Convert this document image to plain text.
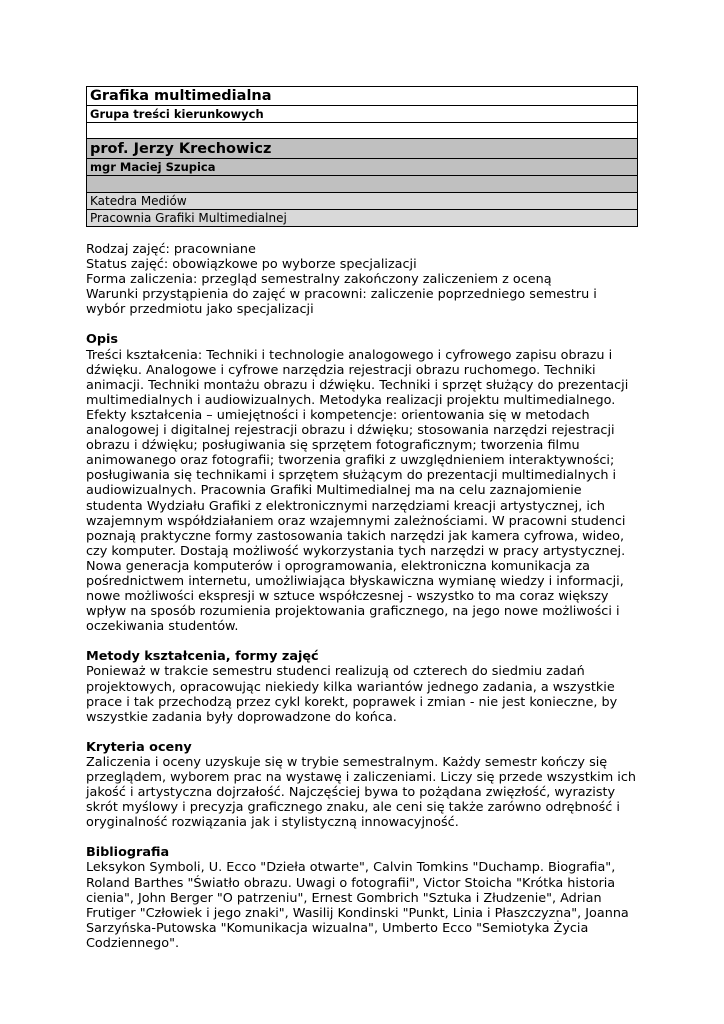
Grafika multimedialna
Grupa treści kierunkowych

prof. Jerzy Krechowicz
mgr Maciej Szupica

Katedra Mediów
Pracownia Grafiki Multimedialnej

Rodzaj zajęć: pracowniane

Status zajęć: obowiązkowe po wyborze specjalizacji

Forma zaliczenia: przegląd semestralny zakończony zaliczeniem z oceną

Warunki przystąpienia do zajęć w pracowni: zaliczenie poprzedniego semestru i wybór przedmiotu jako specjalizacji

Opis

Treści kształcenia: Techniki i technologie analogowego i cyfrowego zapisu obrazu i dźwięku. Analogowe i cyfrowe narzędzia rejestracji obrazu ruchomego. Techniki animacji. Techniki montażu obrazu i dźwięku. Techniki i sprzęt służący do prezentacji multimedialnych i audiowizualnych. Metodyka realizacji projektu multimedialnego. Efekty kształcenia – umiejętności i kompetencje: orientowania się w metodach analogowej i digitalnej rejestracji obrazu i dźwięku; stosowania narzędzi rejestracji obrazu i dźwięku; posługiwania się sprzętem fotograficznym; tworzenia filmu animowanego oraz fotografii; tworzenia grafiki z uwzględnieniem interaktywności; posługiwania się technikami i sprzętem służącym do prezentacji multimedialnych i audiowizualnych. Pracownia Grafiki Multimedialnej ma na celu zaznajomienie studenta Wydziału Grafiki z elektronicznymi narzędziami kreacji artystycznej, ich wzajemnym współdziałaniem oraz wzajemnymi zależnościami. W pracowni studenci poznają praktyczne formy zastosowania takich narzędzi jak kamera cyfrowa, wideo, czy komputer. Dostają możliwość wykorzystania tych narzędzi w pracy artystycznej. Nowa generacja komputerów i oprogramowania, elektroniczna komunikacja za pośrednictwem internetu, umożliwiająca błyskawiczna wymianę wiedzy i informacji, nowe możliwości ekspresji w sztuce współczesnej - wszystko to ma coraz większy wpływ na sposób rozumienia projektowania graficznego, na jego nowe możliwości i oczekiwania studentów.

Metody kształcenia, formy zajęć

Ponieważ w trakcie semestru studenci realizują od czterech do siedmiu zadań projektowych, opracowując niekiedy kilka wariantów jednego zadania, a wszystkie prace i tak przechodzą przez cykl korekt, poprawek i zmian - nie jest konieczne, by wszystkie zadania były doprowadzone do końca.

Kryteria oceny

Zaliczenia i oceny uzyskuje się w trybie semestralnym. Każdy semestr kończy się przeglądem, wyborem prac na wystawę i zaliczeniami. Liczy się przede wszystkim ich jakość i artystyczna dojrzałość. Najczęściej bywa to pożądana zwięzłość, wyrazisty skrót myślowy i precyzja graficznego znaku, ale ceni się także zarówno odrębność i oryginalność rozwiązania jak i stylistyczną innowacyjność.

Bibliografia

Leksykon Symboli, U. Ecco "Dzieła otwarte", Calvin Tomkins "Duchamp. Biografia", Roland Barthes "Światło obrazu. Uwagi o fotografii", Victor Stoicha "Krótka historia cienia", John Berger "O patrzeniu", Ernest Gombrich "Sztuka i Złudzenie", Adrian Frutiger "Człowiek i jego znaki", Wasilij Kondinski "Punkt, Linia i Płaszczyzna", Joanna Sarzyńska-Putowska "Komunikacja wizualna", Umberto Ecco "Semiotyka Życia Codziennego".
